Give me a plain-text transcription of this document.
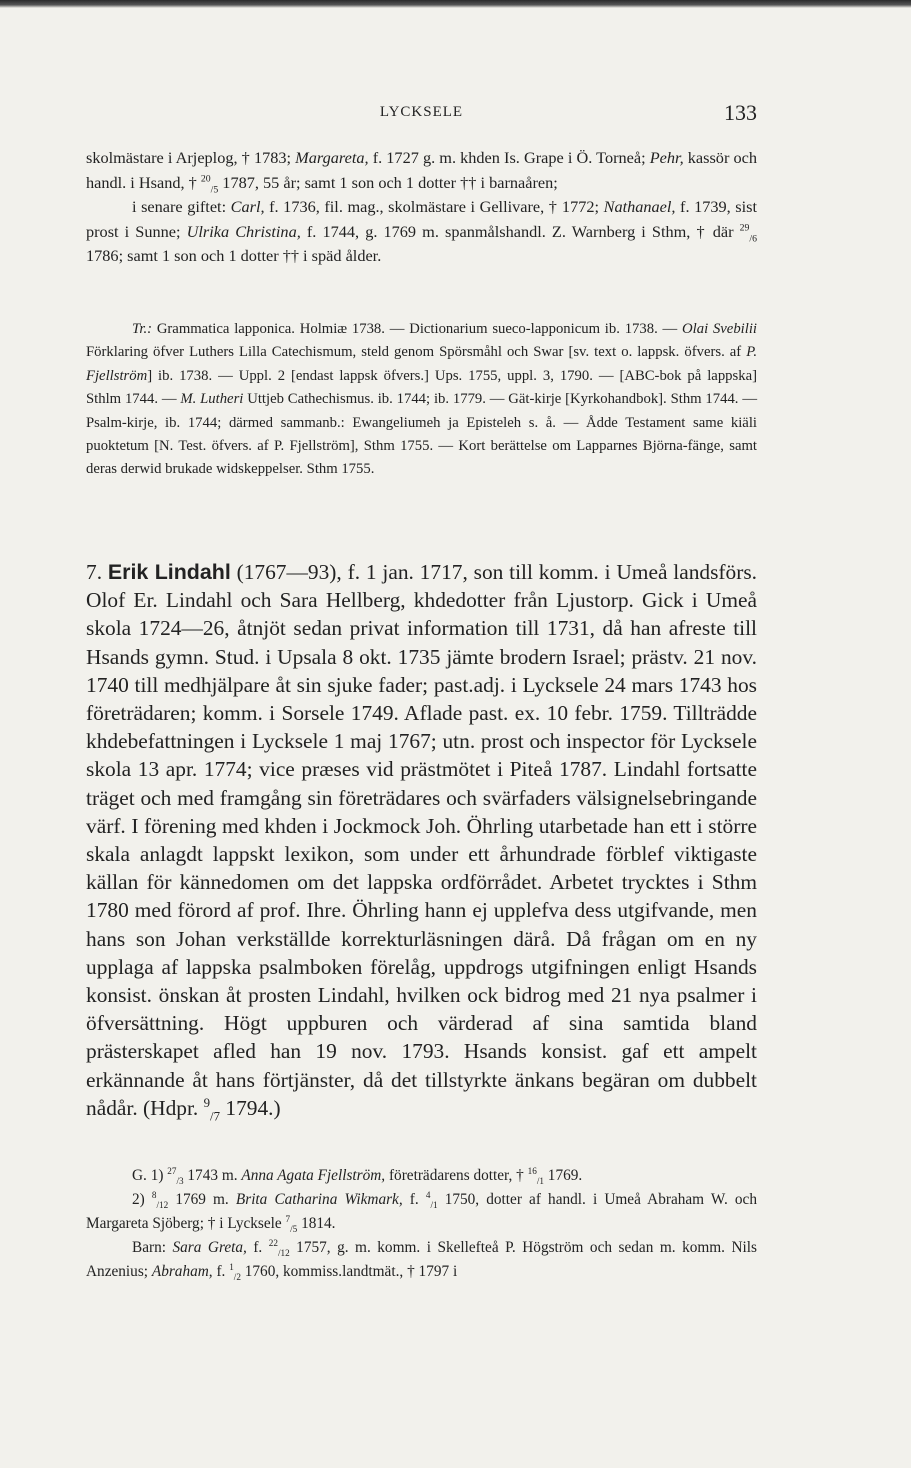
LYCKSELE	133

skolmästare i Arjeplog, † 1783; Margareta, f. 1727 g. m. khden Is. Grape i Ö. Torneå; Pehr, kassör och handl. i Hsand, † $^{20}_{/5}$ 1787, 55 år; samt 1 son och 1 dotter †† i barnaåren;
i senare giftet: Carl, f. 1736, fil. mag., skolmästare i Gellivare, † 1772; Nathanael, f. 1739, sist prost i Sunne; Ulrika Christina, f. 1744, g. 1769 m. spanmålshandl. Z. Warnberg i Sthm, † där $^{29}_{/6}$ 1786; samt 1 son och 1 dotter †† i späd ålder.

Tr.: Grammatica lapponica. Holmiæ 1738. — Dictionarium sueco-lapponicum ib. 1738. — Olai Svebilii Förklaring öfver Luthers Lilla Catechismum, steld genom Spörsmåhl och Swar [sv. text o. lappsk. öfvers. af P. Fjellström] ib. 1738. — Uppl. 2 [endast lappsk öfvers.] Ups. 1755, uppl. 3, 1790. — [ABC-bok på lappska] Sthlm 1744. — M. Lutheri Uttjeb Cathechismus. ib. 1744; ib. 1779. — Gät-kirje [Kyrkohandbok]. Sthm 1744. — Psalm-kirje, ib. 1744; därmed sammanb.: Ewangeliumeh ja Episteleh s. å. — Ådde Testament same kiäli puoktetum [N. Test. öfvers. af P. Fjellström], Sthm 1755. — Kort berättelse om Lapparnes Björna-fänge, samt deras derwid brukade widskeppelser. Sthm 1755.

7. Erik Lindahl (1767—93), f. 1 jan. 1717, son till komm. i Umeå landsförs. Olof Er. Lindahl och Sara Hellberg, khdedotter från Ljustorp. Gick i Umeå skola 1724—26, åtnjöt sedan privat information till 1731, då han afreste till Hsands gymn. Stud. i Upsala 8 okt. 1735 jämte brodern Israel; prästv. 21 nov. 1740 till medhjälpare åt sin sjuke fader; past.adj. i Lycksele 24 mars 1743 hos företrädaren; komm. i Sorsele 1749. Aflade past. ex. 10 febr. 1759. Tillträdde khdebefattningen i Lycksele 1 maj 1767; utn. prost och inspector för Lycksele skola 13 apr. 1774; vice præses vid prästmötet i Piteå 1787. Lindahl fortsatte träget och med framgång sin företrädares och svärfaders välsignelsebringande värf. I förening med khden i Jockmock Joh. Öhrling utarbetade han ett i större skala anlagdt lappskt lexikon, som under ett århundrade förblef viktigaste källan för kännedomen om det lappska ordförrådet. Arbetet trycktes i Sthm 1780 med förord af prof. Ihre. Öhrling hann ej upplefva dess utgifvande, men hans son Johan verkställde korrekturläsningen därå. Då frågan om en ny upplaga af lappska psalmboken förelåg, uppdrogs utgifningen enligt Hsands konsist. önskan åt prosten Lindahl, hvilken ock bidrog med 21 nya psalmer i öfversättning. Högt uppburen och värderad af sina samtida bland prästerskapet afled han 19 nov. 1793. Hsands konsist. gaf ett ampelt erkännande åt hans förtjänster, då det tillstyrkte änkans begäran om dubbelt nådår. (Hdpr. $^9_{/7}$ 1794.)

G. 1) $^{27}_{/3}$ 1743 m. Anna Agata Fjellström, företrädarens dotter, † $^{16}_{/1}$ 1769.
2) $^8_{/12}$ 1769 m. Brita Catharina Wikmark, f. $^4_{/1}$ 1750, dotter af handl. i Umeå Abraham W. och Margareta Sjöberg; † i Lycksele $^7_{/5}$ 1814.
Barn: Sara Greta, f. $^{22}_{/12}$ 1757, g. m. komm. i Skellefteå P. Högström och sedan m. komm. Nils Anzenius; Abraham, f. $^1_{/2}$ 1760, kommiss.landtmät., † 1797 i
